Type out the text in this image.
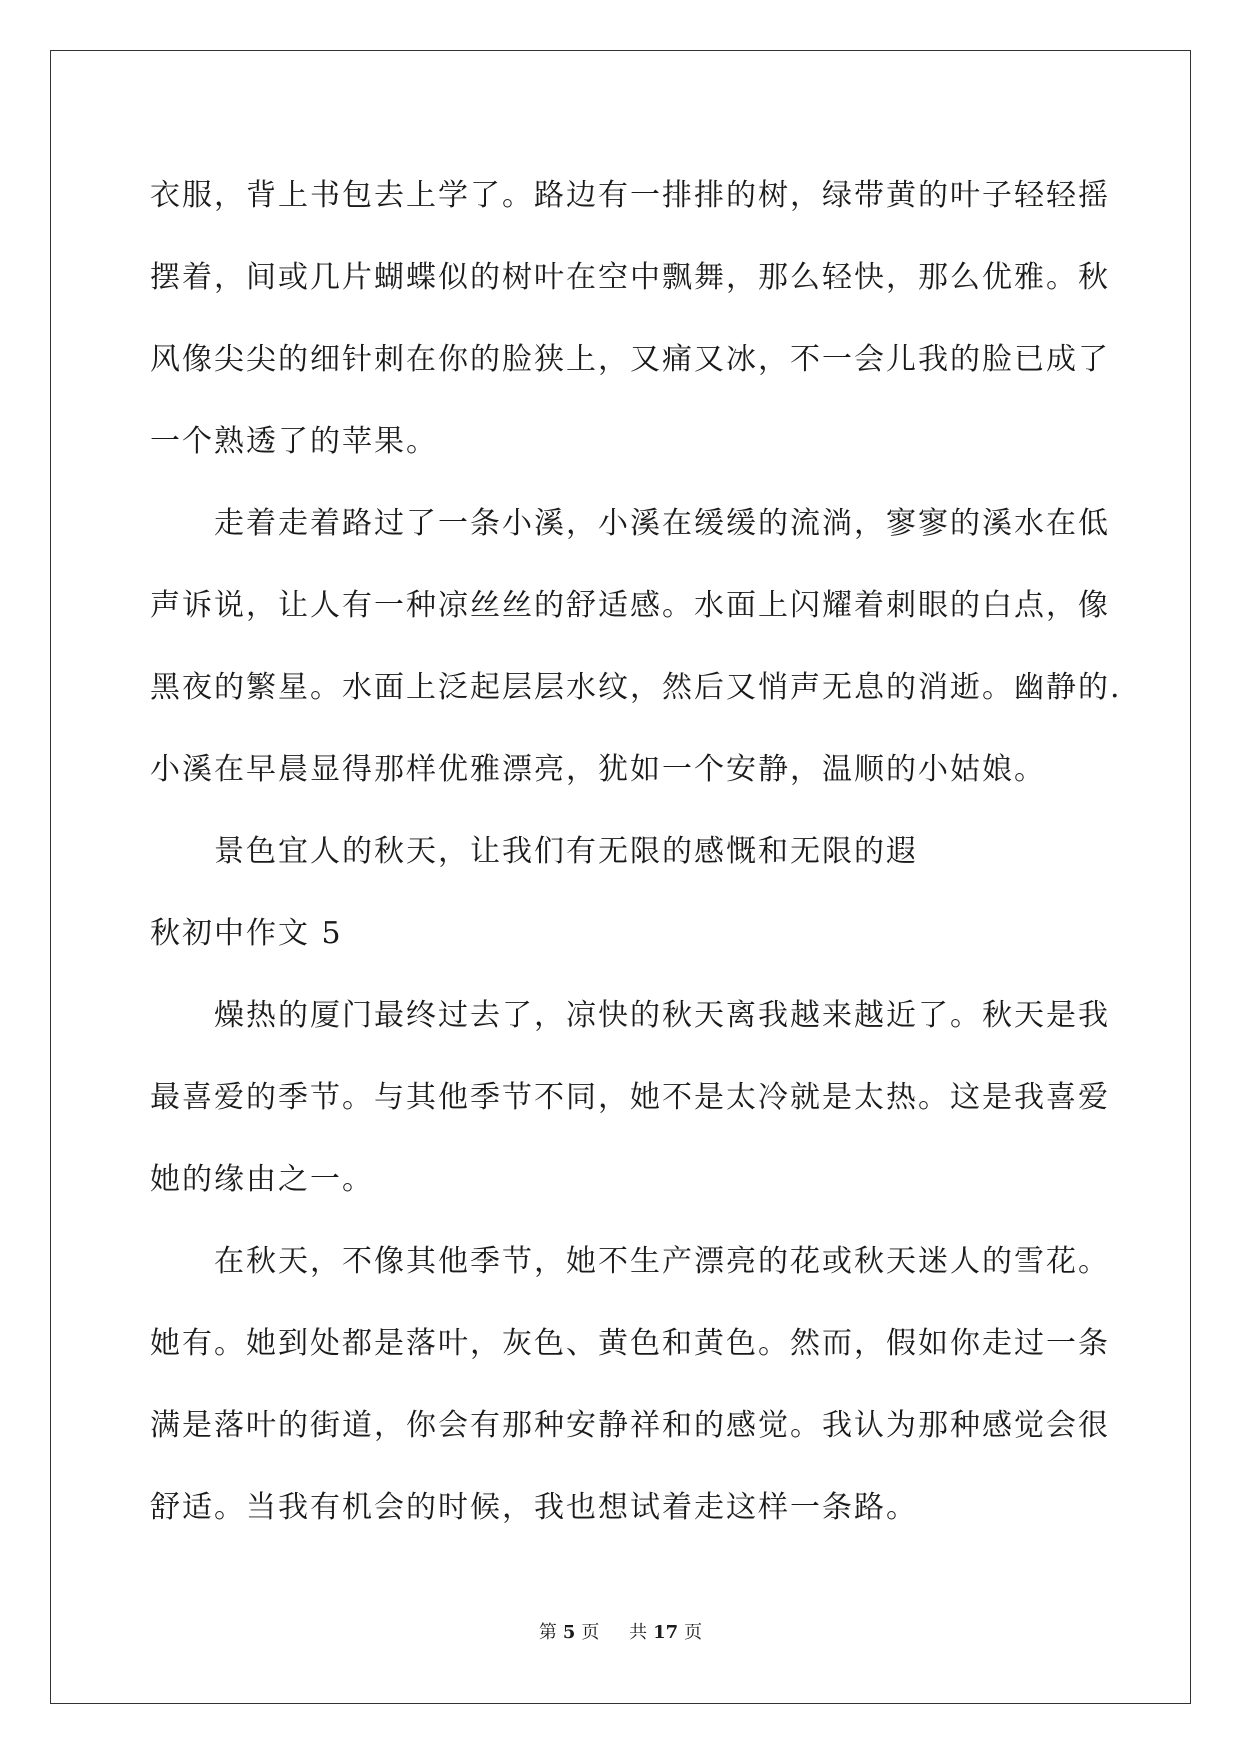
衣服，背上书包去上学了。路边有一排排的树，绿带黄的叶子轻轻摇
摆着，间或几片蝴蝶似的树叶在空中飘舞，那么轻快，那么优雅。秋
风像尖尖的细针刺在你的脸狭上，又痛又冰，不一会儿我的脸已成了
一个熟透了的苹果。
走着走着路过了一条小溪，小溪在缓缓的流淌，寥寥的溪水在低
声诉说，让人有一种凉丝丝的舒适感。水面上闪耀着刺眼的白点，像
黑夜的繁星。水面上泛起层层水纹，然后又悄声无息的消逝。幽静的.
小溪在早晨显得那样优雅漂亮，犹如一个安静，温顺的小姑娘。
景色宜人的秋天，让我们有无限的感慨和无限的遐
秋初中作文 5
燥热的厦门最终过去了，凉快的秋天离我越来越近了。秋天是我
最喜爱的季节。与其他季节不同，她不是太冷就是太热。这是我喜爱
她的缘由之一。
在秋天，不像其他季节，她不生产漂亮的花或秋天迷人的雪花。
她有。她到处都是落叶，灰色、黄色和黄色。然而，假如你走过一条
满是落叶的街道，你会有那种安静祥和的感觉。我认为那种感觉会很
舒适。当我有机会的时候，我也想试着走这样一条路。
第 5 页 共 17 页
